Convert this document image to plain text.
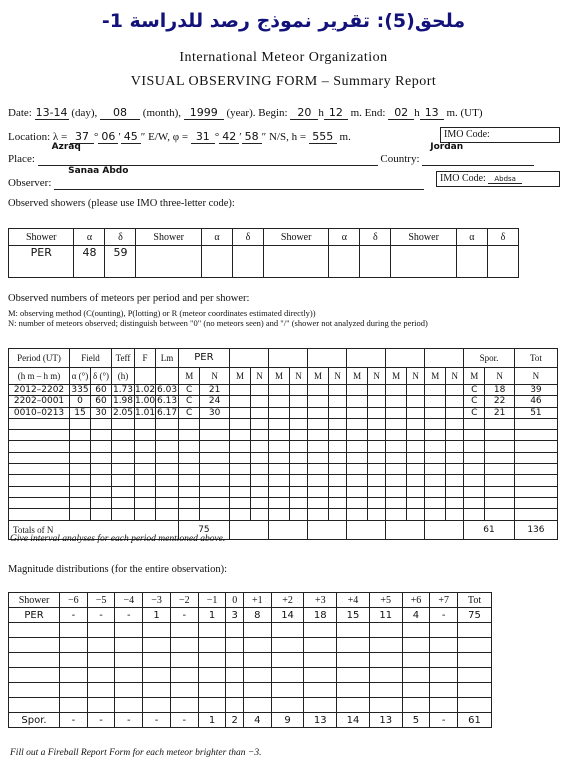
ملحق(5): تقرير نموذج رصد للدراسة 1-
International Meteor Organization
VISUAL OBSERVING FORM – Summary Report
Date: 13-14 (day), 08 (month), 1999 (year). Begin: 20 h 12 m. End: 02 h 13 m. (UT)
Location: λ = 37 ° 06 ′ 45 ″ E/W, φ = 31 ° 42 ′ 58 ″ N/S, h = 555 m.	IMO Code:
Place:
Azraq
Country:
Jordan

Observer:
Sanaa Abdo

IMO Code: Abdsa
Observed showers (please use IMO three-letter code):
Shower	α	δ	Shower	α	δ	Shower	α	δ	Shower	α	δ
PER	48	59									
Observed numbers of meteors per period and per shower:
M: observing method (C(ounting), P(lotting) or R (meteor coordinates estimated directly))
N: number of meteors observed; distinguish between "0" (no meteors seen) and "/" (shower not analyzed during the period)
Period (UT)	Field		Teff	F	Lm	PER														Spor.		Tot
(h m – h m)	α (°)	δ (°)	(h)			M	N	M	N	M	N	M	N	M	N	M	N	M	N	M	N	N
2012–2202	335	60	1.73	1.02	6.03	C	21													C	18	39
2202–0001	0	60	1.98	1.00	6.13	C	24													C	22	46
0010–0213	15	30	2.05	1.01	6.17	C	30													C	21	51

Totals of N						75														61		136
Give interval analyses for each period mentioned above.
Magnitude distributions (for the entire observation):
Shower	−6	−5	−4	−3	−2	−1	0	+1	+2	+3	+4	+5	+6	+7	Tot
PER	-	-	-	1	-	1	3	8	14	18	15	11	4	-	75

Spor.	-	-	-	-	-	1	2	4	9	13	14	13	5	-	61
Fill out a Fireball Report Form for each meteor brighter than −3.
